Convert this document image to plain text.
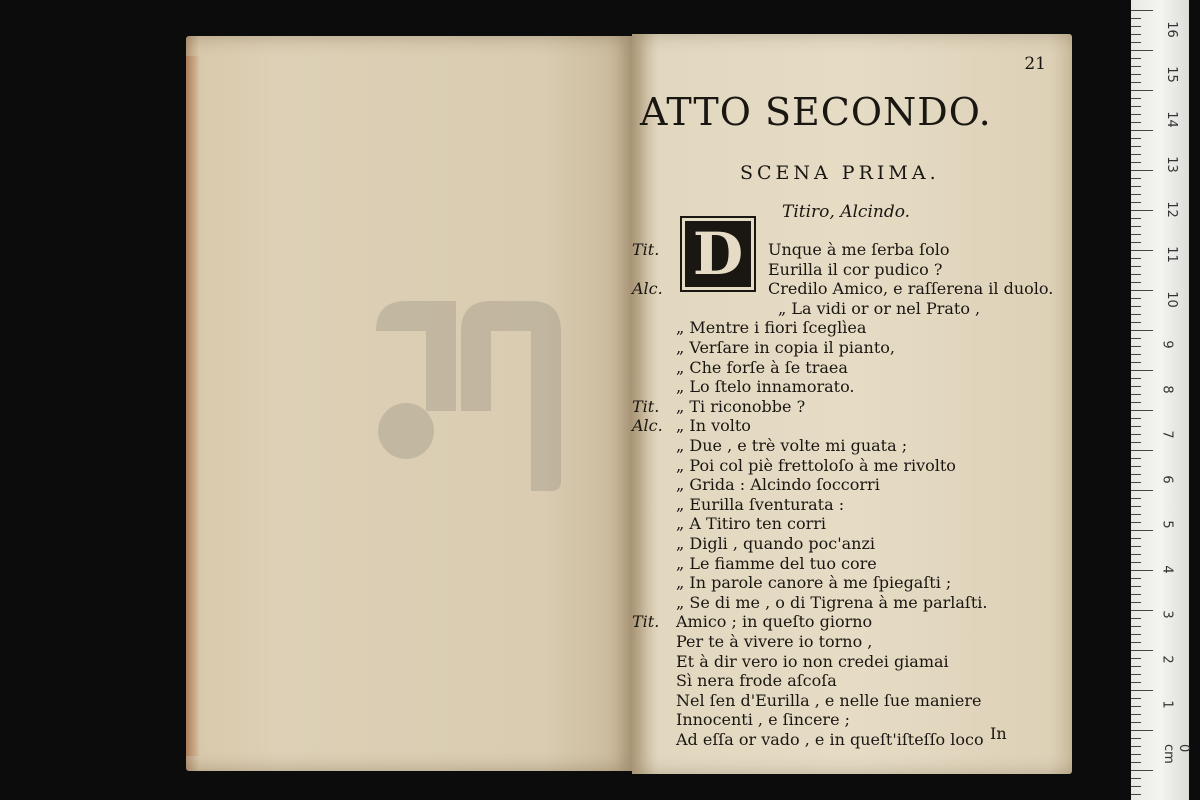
21
ATTO SECONDO.
SCENA PRIMA.
Titiro, Alcindo.
D
Tit.	Unque à me ſerba ſolo
Eurilla il cor pudico ?
Alc.	Credilo Amico, e raſſerena il duolo.
„ La vidi or or nel Prato ,
„ Mentre i fiori ſceglìea
„ Verſare in copia il pianto,
„ Che forſe à ſe traea
„ Lo ſtelo innamorato.
Tit. „ Ti riconobbe ?
Alc. „ In volto
„ Due , e trè volte mi guata ;
„ Poi col piè frettoloſo à me rivolto
„ Grida : Alcindo ſoccorri
„ Eurilla ſventurata :
„ A Titiro ten corri
„ Digli , quando poc'anzi
„ Le fiamme del tuo core
„ In parole canore à me ſpiegaſti ;
„ Se di me , o di Tigrena à me parlaſti.
Tit. Amico ; in queſto giorno
Per te à vivere io torno ,
Et à dir vero io non credei giamai
Sì nera frode aſcoſa
Nel ſen d'Eurilla , e nelle ſue maniere
Innocenti , e ſincere ;
Ad eſſa or vado , e in queſt'iſteſſo loco In
16
15
14
13
12
11
10
9
8
7
6
5
4
3
2
1
0 cm
